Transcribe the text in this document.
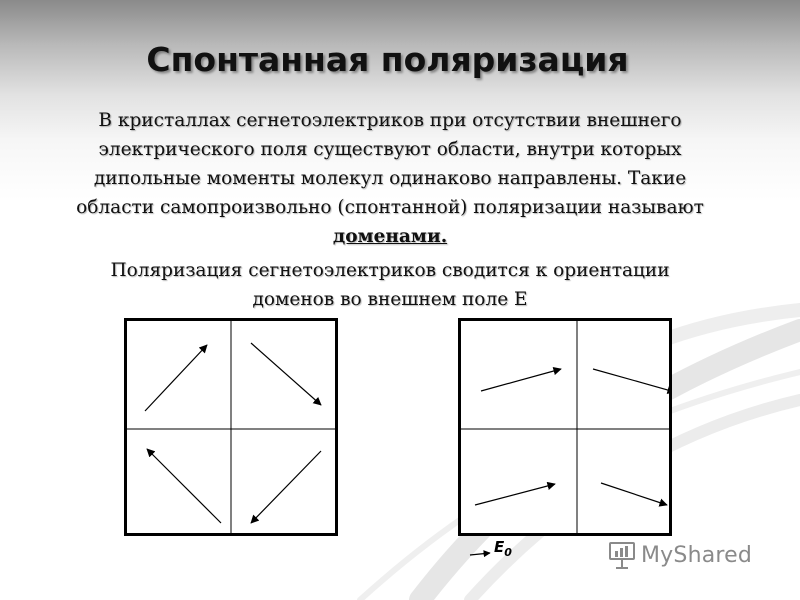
Спонтанная поляризация
В кристаллах сегнетоэлектриков при отсутствии внешнего электрического поля существуют области, внутри которых дипольные моменты молекул одинаково направлены. Такие области самопроизвольно (спонтанной) поляризации называют доменами.
Поляризация сегнетоэлектриков сводится к ориентации доменов во внешнем поле Е
$E_0$	MyShared
